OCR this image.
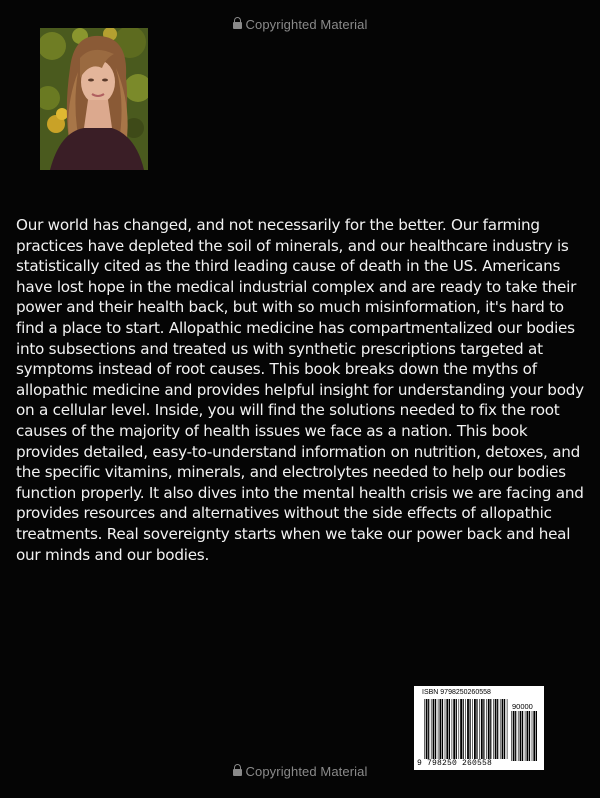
Copyrighted Material

Our world has changed, and not necessarily for the better. Our farming practices have depleted the soil of minerals, and our healthcare industry is statistically cited as the third leading cause of death in the US. Americans have lost hope in the medical industrial complex and are ready to take their power and their health back, but with so much misinformation, it's hard to find a place to start. Allopathic medicine has compartmentalized our bodies into subsections and treated us with synthetic prescriptions targeted at symptoms instead of root causes. This book breaks down the myths of allopathic medicine and provides helpful insight for understanding your body on a cellular level. Inside, you will find the solutions needed to fix the root causes of the majority of health issues we face as a nation. This book provides detailed, easy-to-understand information on nutrition, detoxes, and the specific vitamins, minerals, and electrolytes needed to help our bodies function properly. It also dives into the mental health crisis we are facing and provides resources and alternatives without the side effects of allopathic treatments. Real sovereignty starts when we take our power back and heal our minds and our bodies.

ISBN 9798250260558
90000
9 798250 260558
Copyrighted Material
